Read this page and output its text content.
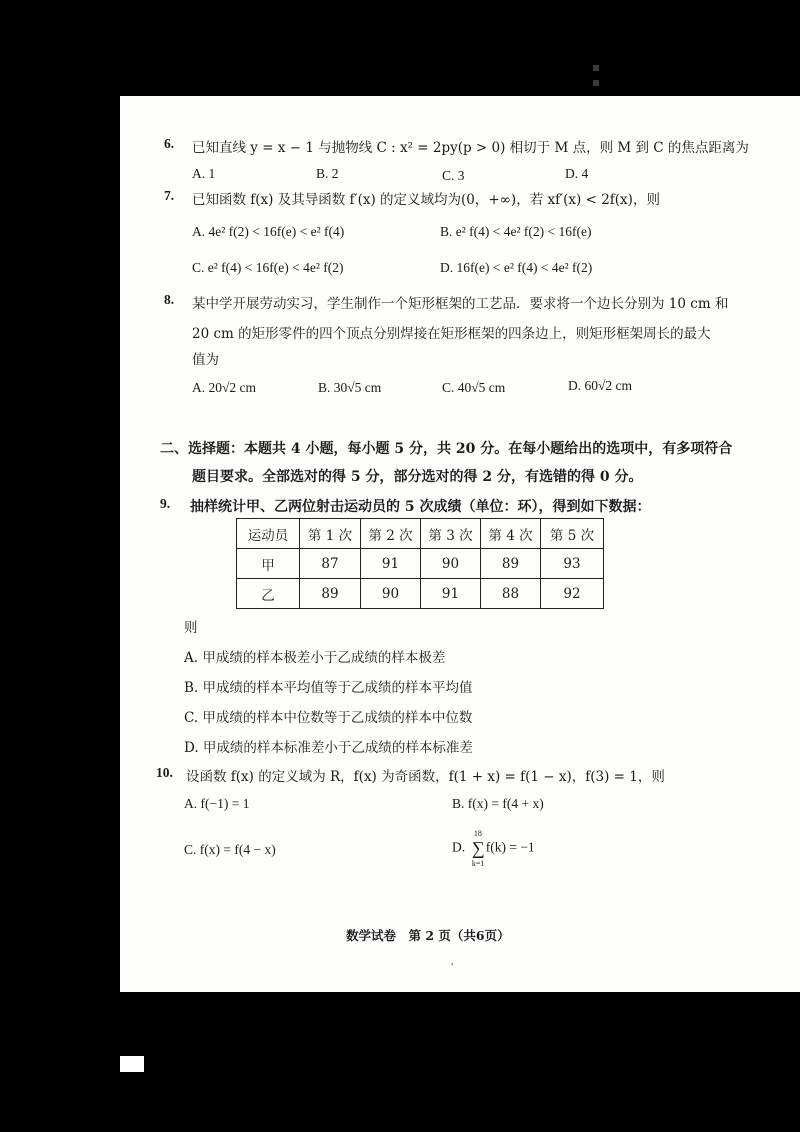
6. 已知直线 y = x − 1 与抛物线 C : x² = 2py(p > 0) 相切于 M 点，则 M 到 C 的焦点距离为
A. 1	B. 2	C. 3	D. 4
7. 已知函数 f(x) 及其导函数 f′(x) 的定义域均为(0，+∞)，若 xf′(x) < 2f(x)，则
A. 4e² f(2) < 16f(e) < e² f(4)	B. e² f(4) < 4e² f(2) < 16f(e)
C. e² f(4) < 16f(e) < 4e² f(2)	D. 16f(e) < e² f(4) < 4e² f(2)
8. 某中学开展劳动实习，学生制作一个矩形框架的工艺品．要求将一个边长分别为 10 cm 和
20 cm 的矩形零件的四个顶点分别焊接在矩形框架的四条边上，则矩形框架周长的最大
值为
A. 20√2 cm	B. 30√5 cm	C. 40√5 cm	D. 60√2 cm
二、选择题：本题共 4 小题，每小题 5 分，共 20 分。在每小题给出的选项中，有多项符合
题目要求。全部选对的得 5 分，部分选对的得 2 分，有选错的得 0 分。
9. 抽样统计甲、乙两位射击运动员的 5 次成绩（单位：环），得到如下数据：
运动员	第 1 次	第 2 次	第 3 次	第 4 次	第 5 次
甲	87	91	90	89	93
乙	89	90	91	88	92
则
A. 甲成绩的样本极差小于乙成绩的样本极差
B. 甲成绩的样本平均值等于乙成绩的样本平均值
C. 甲成绩的样本中位数等于乙成绩的样本中位数
D. 甲成绩的样本标准差小于乙成绩的样本标准差
10. 设函数 f(x) 的定义域为 R，f(x) 为奇函数，f(1 + x) = f(1 − x)，f(3) = 1，则
A. f(−1) = 1	B. f(x) = f(4 + x)
C. f(x) = f(4 − x)	D. ∑
18
k=1
f(k) = −1
数学试卷　第 2 页（共6页）
'
